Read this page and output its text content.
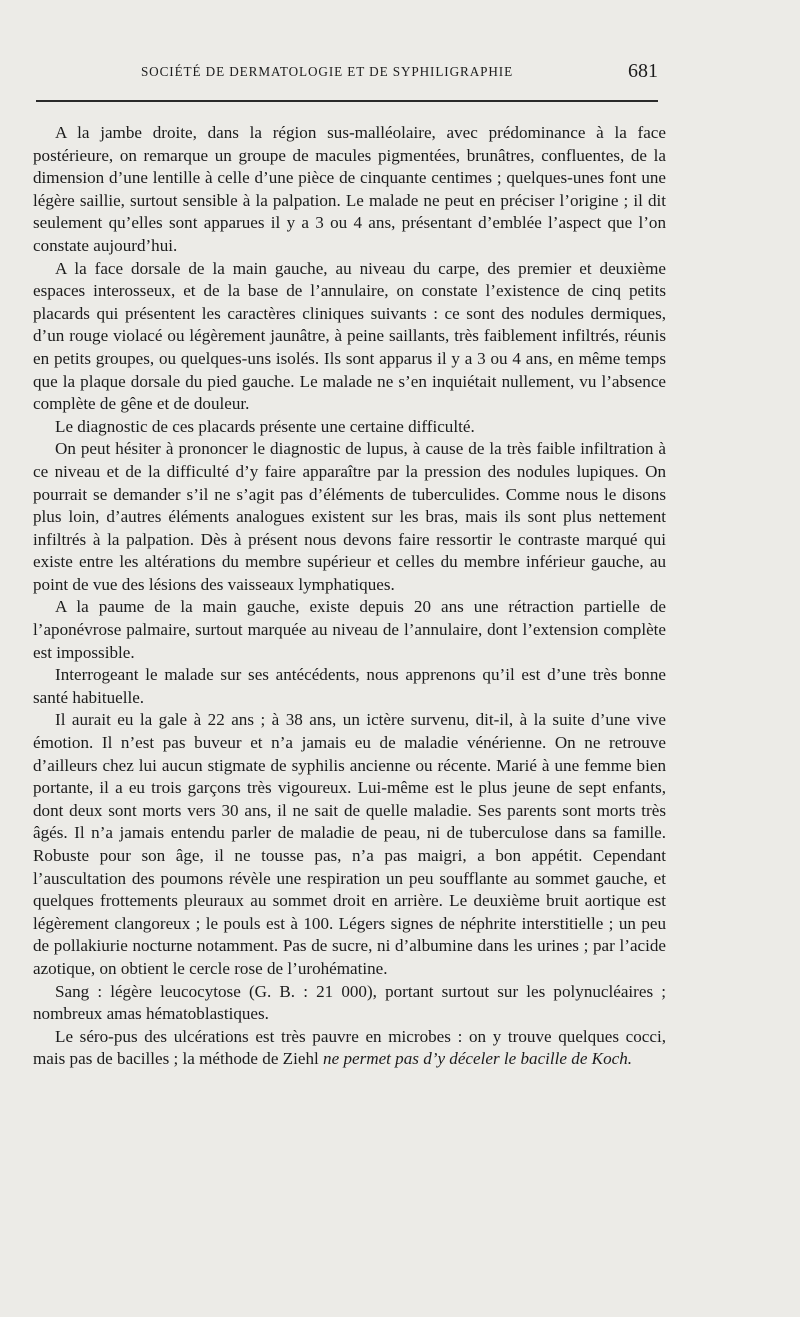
SOCIÉTÉ DE DERMATOLOGIE ET DE SYPHILIGRAPHIE	681

A la jambe droite, dans la région sus-malléolaire, avec prédominance à la face postérieure, on remarque un groupe de macules pigmentées, brunâtres, confluentes, de la dimension d’une lentille à celle d’une pièce de cinquante centimes ; quelques-unes font une légère saillie, surtout sensible à la palpation. Le malade ne peut en préciser l’origine ; il dit seulement qu’elles sont apparues il y a 3 ou 4 ans, présentant d’emblée l’aspect que l’on constate aujourd’hui.

A la face dorsale de la main gauche, au niveau du carpe, des premier et deuxième espaces interosseux, et de la base de l’annulaire, on constate l’existence de cinq petits placards qui présentent les caractères cliniques suivants : ce sont des nodules dermiques, d’un rouge violacé ou légèrement jaunâtre, à peine saillants, très faiblement infiltrés, réunis en petits groupes, ou quelques-uns isolés. Ils sont apparus il y a 3 ou 4 ans, en même temps que la plaque dorsale du pied gauche. Le malade ne s’en inquiétait nullement, vu l’absence complète de gêne et de douleur.

Le diagnostic de ces placards présente une certaine difficulté.

On peut hésiter à prononcer le diagnostic de lupus, à cause de la très faible infiltration à ce niveau et de la difficulté d’y faire apparaître par la pression des nodules lupiques. On pourrait se demander s’il ne s’agit pas d’éléments de tuberculides. Comme nous le disons plus loin, d’autres éléments analogues existent sur les bras, mais ils sont plus nettement infiltrés à la palpation. Dès à présent nous devons faire ressortir le contraste marqué qui existe entre les altérations du membre supérieur et celles du membre inférieur gauche, au point de vue des lésions des vaisseaux lymphatiques.

A la paume de la main gauche, existe depuis 20 ans une rétraction partielle de l’aponévrose palmaire, surtout marquée au niveau de l’annulaire, dont l’extension complète est impossible.

Interrogeant le malade sur ses antécédents, nous apprenons qu’il est d’une très bonne santé habituelle.

Il aurait eu la gale à 22 ans ; à 38 ans, un ictère survenu, dit-il, à la suite d’une vive émotion. Il n’est pas buveur et n’a jamais eu de maladie vénérienne. On ne retrouve d’ailleurs chez lui aucun stigmate de syphilis ancienne ou récente. Marié à une femme bien portante, il a eu trois garçons très vigoureux. Lui-même est le plus jeune de sept enfants, dont deux sont morts vers 30 ans, il ne sait de quelle maladie. Ses parents sont morts très âgés. Il n’a jamais entendu parler de maladie de peau, ni de tuberculose dans sa famille. Robuste pour son âge, il ne tousse pas, n’a pas maigri, a bon appétit. Cependant l’auscultation des poumons révèle une respiration un peu soufflante au sommet gauche, et quelques frottements pleuraux au sommet droit en arrière. Le deuxième bruit aortique est légèrement clangoreux ; le pouls est à 100. Légers signes de néphrite interstitielle ; un peu de pollakiurie nocturne notamment. Pas de sucre, ni d’albumine dans les urines ; par l’acide azotique, on obtient le cercle rose de l’urohématine.

Sang : légère leucocytose (G. B. : 21 000), portant surtout sur les polynucléaires ; nombreux amas hématoblastiques.

Le séro-pus des ulcérations est très pauvre en microbes : on y trouve quelques cocci, mais pas de bacilles ; la méthode de Ziehl ne permet pas d’y déceler le bacille de Koch.
